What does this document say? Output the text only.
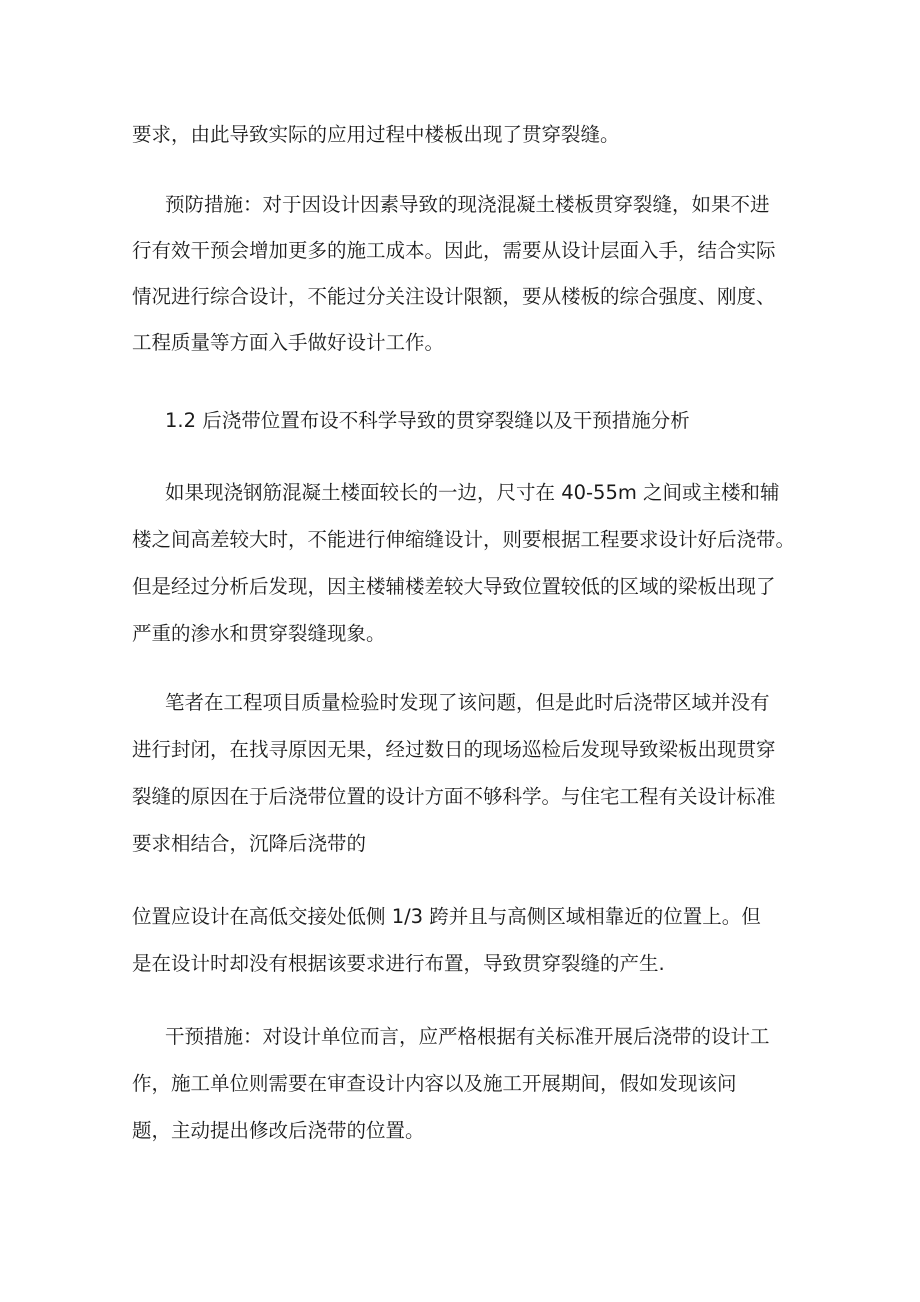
要求，由此导致实际的应用过程中楼板出现了贯穿裂缝。
预防措施：对于因设计因素导致的现浇混凝土楼板贯穿裂缝，如果不进
行有效干预会增加更多的施工成本。因此，需要从设计层面入手，结合实际
情况进行综合设计，不能过分关注设计限额，要从楼板的综合强度、刚度、
工程质量等方面入手做好设计工作。
1.2 后浇带位置布设不科学导致的贯穿裂缝以及干预措施分析
如果现浇钢筋混凝土楼面较长的一边，尺寸在 40-55m 之间或主楼和辅
楼之间高差较大时，不能进行伸缩缝设计，则要根据工程要求设计好后浇带。
但是经过分析后发现，因主楼辅楼差较大导致位置较低的区域的梁板出现了
严重的渗水和贯穿裂缝现象。
笔者在工程项目质量检验时发现了该问题，但是此时后浇带区域并没有
进行封闭，在找寻原因无果，经过数日的现场巡检后发现导致梁板出现贯穿
裂缝的原因在于后浇带位置的设计方面不够科学。与住宅工程有关设计标准
要求相结合，沉降后浇带的
位置应设计在高低交接处低侧 1/3 跨并且与高侧区域相靠近的位置上。但
是在设计时却没有根据该要求进行布置，导致贯穿裂缝的产生.
干预措施：对设计单位而言，应严格根据有关标准开展后浇带的设计工
作，施工单位则需要在审查设计内容以及施工开展期间，假如发现该问
题，主动提出修改后浇带的位置。
